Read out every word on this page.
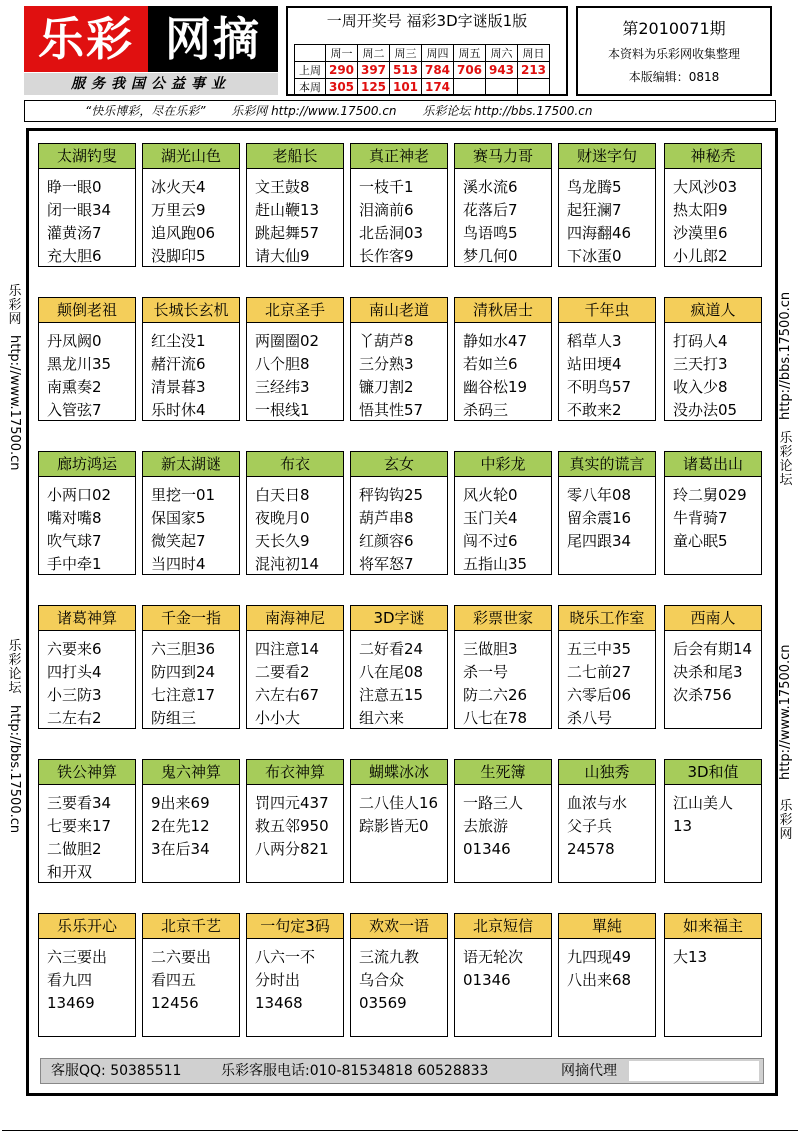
乐彩 网摘
服务我国公益事业
一周开奖号 福彩3D字谜版1版
	周一	周二	周三	周四	周五	周六	周日
上周	290	397	513	784	706	943	213
本周	305	125	101	174			
第2010071期
本资料为乐彩网收集整理
本版编辑：0818
“快乐博彩，尽在乐彩” 乐彩网 http://www.17500.cn 乐彩论坛 http://bbs.17500.cn
乐彩网
http://www.17500.cn
乐彩论坛
http://bbs.17500.cn
http://bbs.17500.cn
乐彩论坛
http://www.17500.cn
乐彩网
太湖钓叟
睁一眼0
闭一眼34
灌黄汤7
充大胆6
湖光山色
冰火天4
万里云9
追风跑06
没脚印5
老船长
文王鼓8
赶山鞭13
跳起舞57
请大仙9
真正神老
一枝千1
泪滴前6
北岳洞03
长作客9
赛马力哥
溪水流6
花落后7
鸟语鸣5
梦几何0
财迷字句
鸟龙腾5
起狂澜7
四海翻46
下冰蛋0
神秘秃
大风沙03
热太阳9
沙漠里6
小儿郎2
颠倒老祖
丹凤阙0
黑龙川35
南熏奏2
入管弦7
长城长玄机
红尘没1
赭汗流6
清景暮3
乐时休4
北京圣手
两圈圈02
八个胆8
三经纬3
一根线1
南山老道
丫葫芦8
三分熟3
镰刀割2
悟其性57
清秋居士
静如水47
若如兰6
幽谷松19
杀码三
千年虫
稻草人3
站田埂4
不明鸟57
不敢来2
疯道人
打码人4
三天打3
收入少8
没办法05
廊坊鸿运
小两口02
嘴对嘴8
吹气球7
手中牵1
新太湖谜
里挖一01
保国家5
微笑起7
当四时4
布衣
白天日8
夜晚月0
天长久9
混沌初14
玄女
秤钩钩25
葫芦串8
红颜容6
将军怒7
中彩龙
风火轮0
玉门关4
闯不过6
五指山35
真实的谎言
零八年08
留余震16
尾四跟34
诸葛出山
玲二舅029
牛背骑7
童心眠5
诸葛神算
六要来6
四打头4
小三防3
二左右2
千金一指
六三胆36
防四到24
七注意17
防组三
南海神尼
四注意14
二要看2
六左右67
小小大
3D字谜
二好看24
八在尾08
注意五15
组六来
彩票世家
三做胆3
杀一号
防二六26
八七在78
晓乐工作室
五三中35
二七前27
六零后06
杀八号
西南人
后会有期14
决杀和尾3
次杀756
铁公神算
三要看34
七要来17
二做胆2
和开双
鬼六神算
9出来69
2在先12
3在后34
布衣神算
罚四元437
救五邻950
八两分821
蝴蝶冰冰
二八佳人16
踪影皆无0
生死簿
一路三人
去旅游
01346
山独秀
血浓与水
父子兵
24578
3D和值
江山美人
13
乐乐开心
六三要出
看九四
13469
北京千艺
二六要出
看四五
12456
一句定3码
八六一不
分时出
13468
欢欢一语
三流九教
乌合众
03569
北京短信
语无轮次
01346
單純
九四现49
八出来68
如来福主
大13
客服QQ: 50385511	乐彩客服电话:010-81534818 60528833	网摘代理
